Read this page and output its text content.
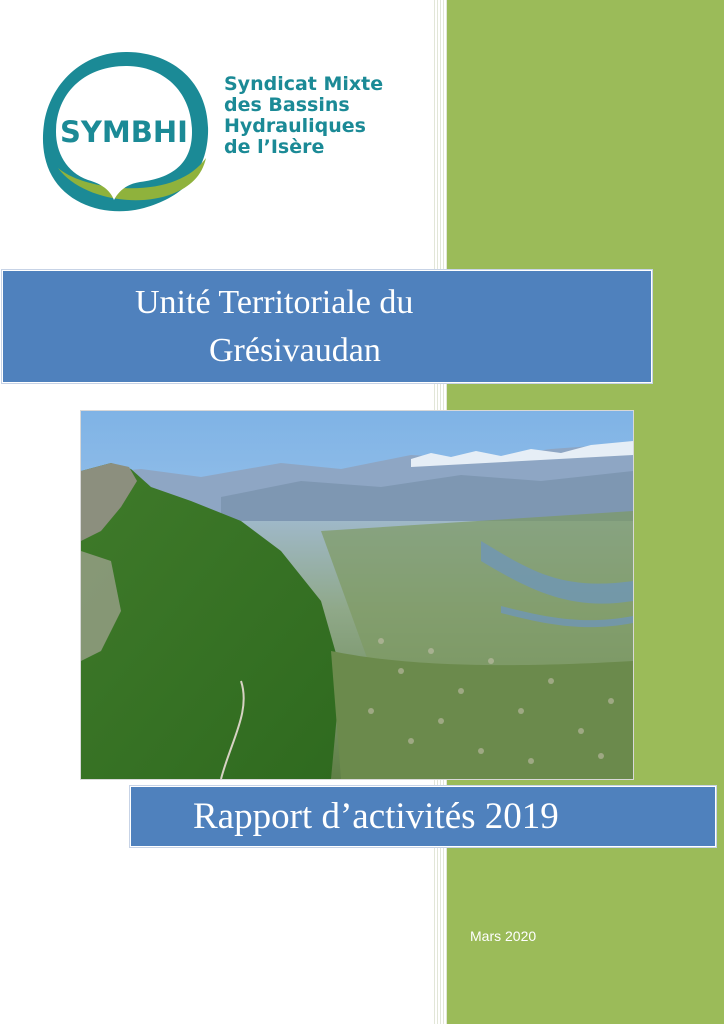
SYMBHI
Syndicat Mixte
des Bassins
Hydrauliques
de l’Isère
Unité Territoriale du
Grésivaudan
Rapport d’activités 2019
Mars 2020
